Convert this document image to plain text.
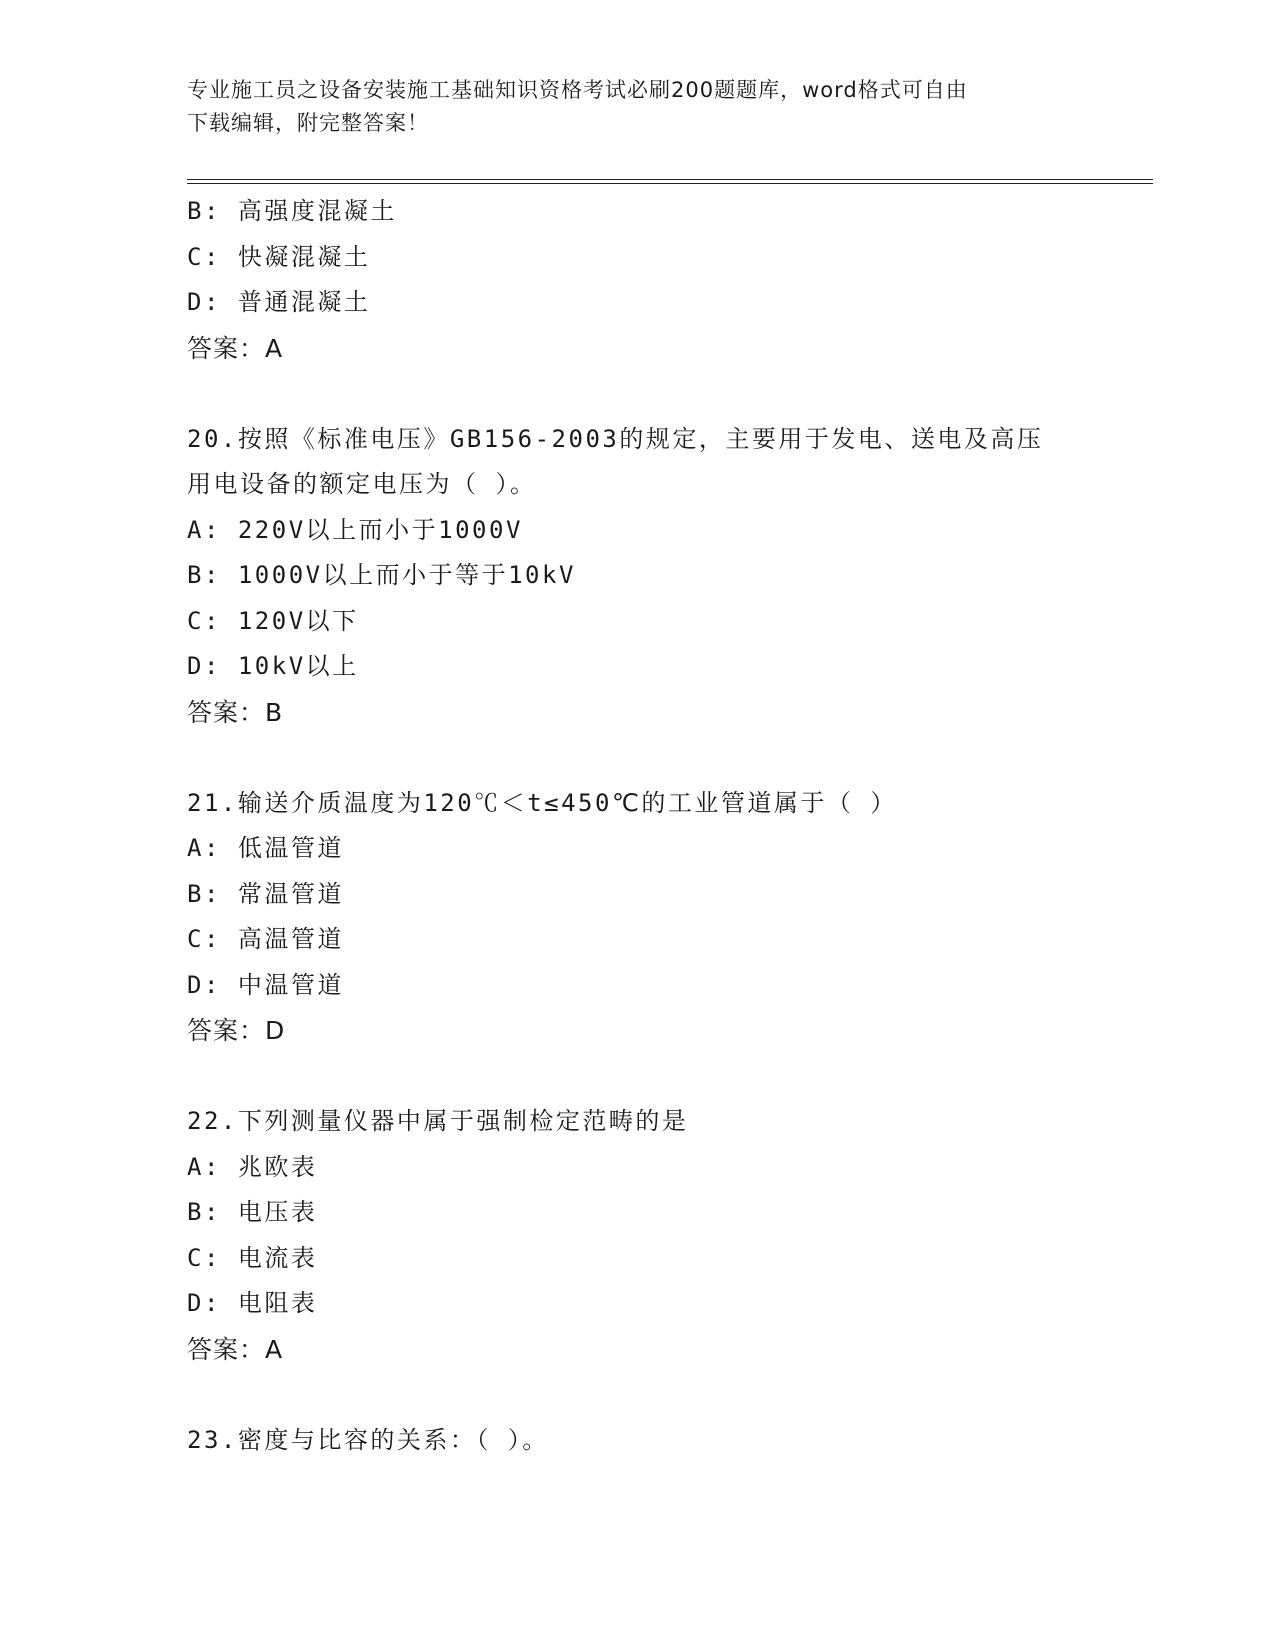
专业施工员之设备安装施工基础知识资格考试必刷200题题库，word格式可自由
下载编辑，附完整答案！
B: 高强度混凝土
C: 快凝混凝土
D: 普通混凝土
答案：A
20.按照《标准电压》GB156-2003的规定，主要用于发电、送电及高压
用电设备的额定电压为（ ）。
A: 220V以上而小于1000V
B: 1000V以上而小于等于10kV
C: 120V以下
D: 10kV以上
答案：B
21.输送介质温度为120℃＜t≤450℃的工业管道属于（ ）
A: 低温管道
B: 常温管道
C: 高温管道
D: 中温管道
答案：D
22.下列测量仪器中属于强制检定范畴的是
A: 兆欧表
B: 电压表
C: 电流表
D: 电阻表
答案：A
23.密度与比容的关系：（ ）。
